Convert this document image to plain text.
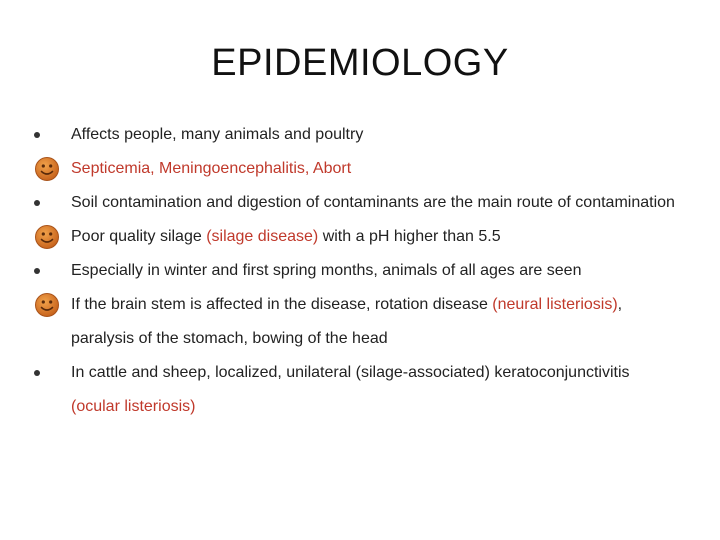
EPIDEMIOLOGY
Affects people, many animals and poultry
Septicemia, Meningoencephalitis, Abort
Soil contamination and digestion of contaminants are the main route of contamination
Poor quality silage (silage disease) with a pH higher than 5.5
Especially in winter and first spring months, animals of all ages are seen
If the brain stem is affected in the disease, rotation disease (neural listeriosis), paralysis of the stomach, bowing of the head
In cattle and sheep, localized, unilateral (silage-associated) keratoconjunctivitis (ocular listeriosis)
